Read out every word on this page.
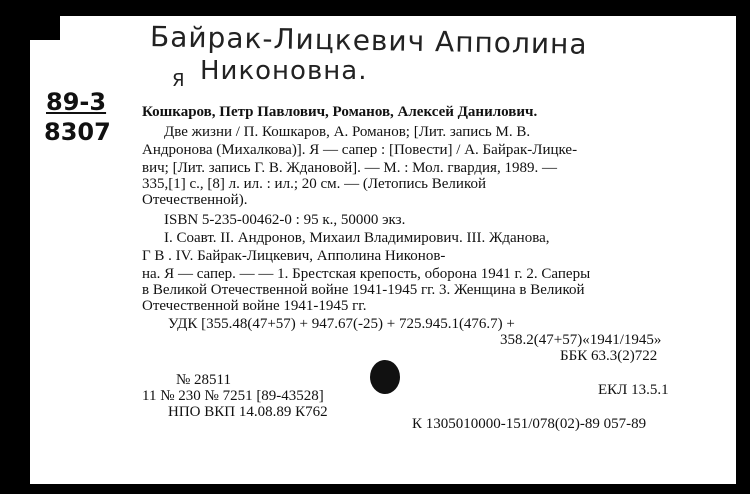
Байрак-Лицкевич Апполина
Никоновна.
Я
89-3
8307
Кошкаров, Петр Павлович, Романов, Алексей Данилович.
Две жизни / П. Кошкаров, А. Романов; [Лит. запись М. В.
Андронова (Михалкова)]. Я — сапер : [Повести] / А. Байрак-Лицке-
вич; [Лит. запись Г. В. Ждановой]. — М. : Мол. гвардия, 1989. —
335,[1] с., [8] л. ил. : ил.; 20 см. — (Летопись Великой
Отечественной).
ISBN 5-235-00462-0 : 95 к., 50000 экз.
I. Соавт. II. Андронов, Михаил Владимирович. III. Жданова,
Г В . IV. Байрак-Лицкевич, Апполина Никонов-
на. Я — сапер. — — 1. Брестская крепость, оборона 1941 г. 2. Саперы
в Великой Отечественной войне 1941-1945 гг. 3. Женщина в Великой
Отечественной войне 1941-1945 гг.
УДК [355.48(47+57) + 947.67(-25) + 725.945.1(476.7) +
358.2(47+57)«1941/1945»
ББК 63.3(2)722
№ 28511
11 № 230 № 7251 [89-43528]
НПО ВКП 14.08.89 К762
ЕКЛ 13.5.1
К 1305010000-151/078(02)-89 057-89
